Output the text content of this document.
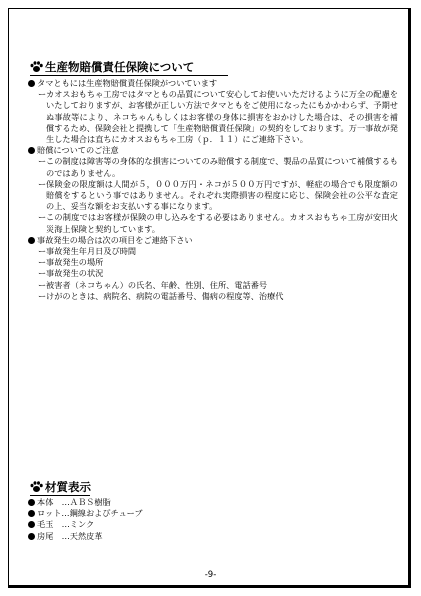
生産物賠償責任保険について
タマともには生産物賠償責任保険がついています
ー カオスおもちゃ工房ではタマともの品質について安心してお使いいただけるように万全の配慮をいたしておりますが、お客様が正しい方法でタマともをご使用になったにもかかわらず、予期せぬ事故等により、ネコちゃんもしくはお客様の身体に損害をおかけした場合は、その損害を補償するため、保険会社と提携して「生産物賠償責任保険」の契約をしております。万一事故が発生した場合は直ちにカオスおもちゃ工房（ｐ．１１）にご連絡下さい。
賠償についてのご注意
ー この制度は障害等の身体的な損害についてのみ賠償する制度で、製品の品質について補償するものではありません。
ー 保険金の限度額は人間が５，０００万円・ネコが５００万円ですが、軽症の場合でも限度額の賠償をするという事ではありません。それぞれ実際損害の程度に応じ、保険会社の公平な査定の上、妥当な額をお支払いする事になります。
ー この制度ではお客様が保険の申し込みをする必要はありません。カオスおもちゃ工房が安田火災海上保険と契約しています。
事故発生の場合は次の項目をご連絡下さい
ー 事故発生年月日及び時間
ー 事故発生の場所
ー 事故発生の状況
ー 被害者（ネコちゃん）の氏名、年齢、性別、住所、電話番号
ー けがのときは、病院名、病院の電話番号、傷病の程度等、治療代
材質表示
本体　…ＡＢＳ樹脂
ロット…鋼線およびチューブ
毛玉　…ミンク
房尾　…天然皮革
-9-
